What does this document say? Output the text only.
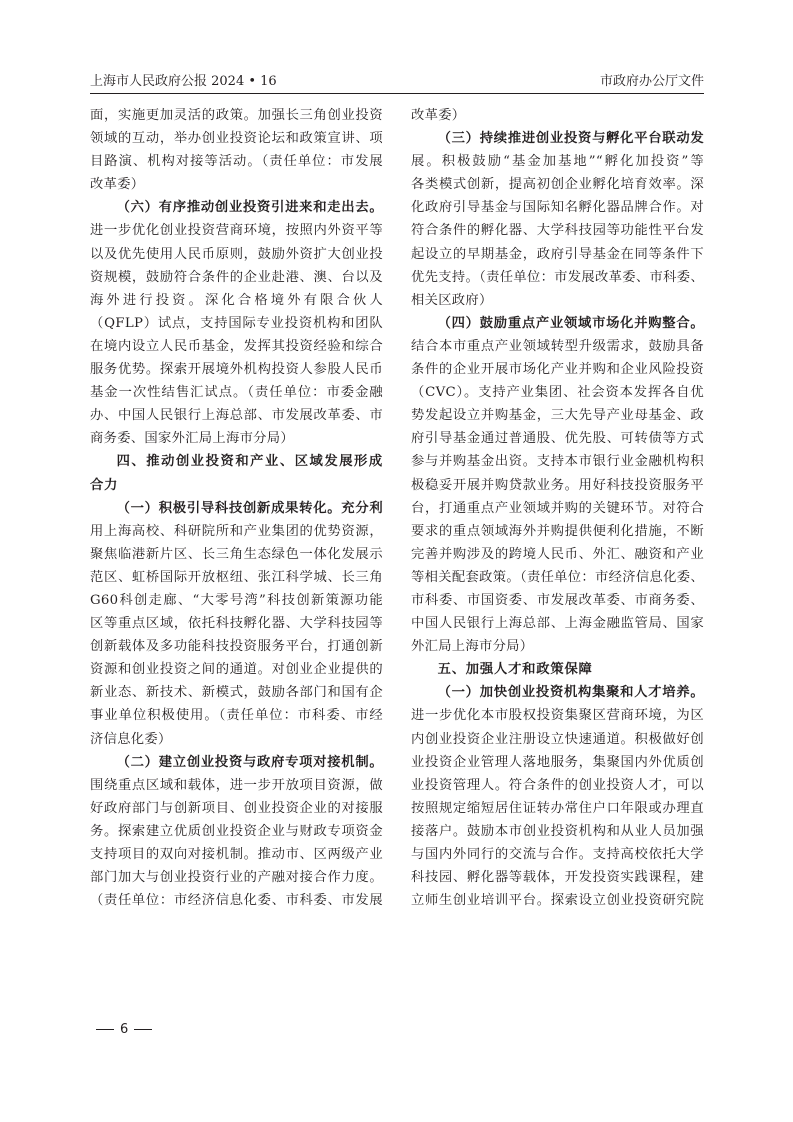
上海市人民政府公报 2024 • 16	市政府办公厅文件

面，实施更加灵活的政策。加强长三角创业投资

领域的互动，举办创业投资论坛和政策宣讲、项

目路演、机构对接等活动。（责任单位：市发展

改革委）

（六）有序推动创业投资引进来和走出去。

进一步优化创业投资营商环境，按照内外资平等

以及优先使用人民币原则，鼓励外资扩大创业投

资规模，鼓励符合条件的企业赴港、澳、台以及

海外进行投资。深化合格境外有限合伙人

（QFLP）试点，支持国际专业投资机构和团队

在境内设立人民币基金，发挥其投资经验和综合

服务优势。探索开展境外机构投资人参股人民币

基金一次性结售汇试点。（责任单位：市委金融

办、中国人民银行上海总部、市发展改革委、市

商务委、国家外汇局上海市分局）

四、推动创业投资和产业、区域发展形成

合力

（一）积极引导科技创新成果转化。充分利

用上海高校、科研院所和产业集团的优势资源，

聚焦临港新片区、长三角生态绿色一体化发展示

范区、虹桥国际开放枢纽、张江科学城、长三角

G60科创走廊、“大零号湾”科技创新策源功能

区等重点区域，依托科技孵化器、大学科技园等

创新载体及多功能科技投资服务平台，打通创新

资源和创业投资之间的通道。对创业企业提供的

新业态、新技术、新模式，鼓励各部门和国有企

事业单位积极使用。（责任单位：市科委、市经

济信息化委）

（二）建立创业投资与政府专项对接机制。

围绕重点区域和载体，进一步开放项目资源，做

好政府部门与创新项目、创业投资企业的对接服

务。探索建立优质创业投资企业与财政专项资金

支持项目的双向对接机制。推动市、区两级产业

部门加大与创业投资行业的产融对接合作力度。

（责任单位：市经济信息化委、市科委、市发展

改革委）

（三）持续推进创业投资与孵化平台联动发

展。积极鼓励“基金加基地”“孵化加投资”等

各类模式创新，提高初创企业孵化培育效率。深

化政府引导基金与国际知名孵化器品牌合作。对

符合条件的孵化器、大学科技园等功能性平台发

起设立的早期基金，政府引导基金在同等条件下

优先支持。（责任单位：市发展改革委、市科委、

相关区政府）

（四）鼓励重点产业领域市场化并购整合。

结合本市重点产业领域转型升级需求，鼓励具备

条件的企业开展市场化产业并购和企业风险投资

（CVC）。支持产业集团、社会资本发挥各自优

势发起设立并购基金，三大先导产业母基金、政

府引导基金通过普通股、优先股、可转债等方式

参与并购基金出资。支持本市银行业金融机构积

极稳妥开展并购贷款业务。用好科技投资服务平

台，打通重点产业领域并购的关键环节。对符合

要求的重点领域海外并购提供便利化措施，不断

完善并购涉及的跨境人民币、外汇、融资和产业

等相关配套政策。（责任单位：市经济信息化委、

市科委、市国资委、市发展改革委、市商务委、

中国人民银行上海总部、上海金融监管局、国家

外汇局上海市分局）

五、加强人才和政策保障

（一）加快创业投资机构集聚和人才培养。

进一步优化本市股权投资集聚区营商环境，为区

内创业投资企业注册设立快速通道。积极做好创

业投资企业管理人落地服务，集聚国内外优质创

业投资管理人。符合条件的创业投资人才，可以

按照规定缩短居住证转办常住户口年限或办理直

接落户。鼓励本市创业投资机构和从业人员加强

与国内外同行的交流与合作。支持高校依托大学

科技园、孵化器等载体，开发投资实践课程，建

立师生创业培训平台。探索设立创业投资研究院

6
